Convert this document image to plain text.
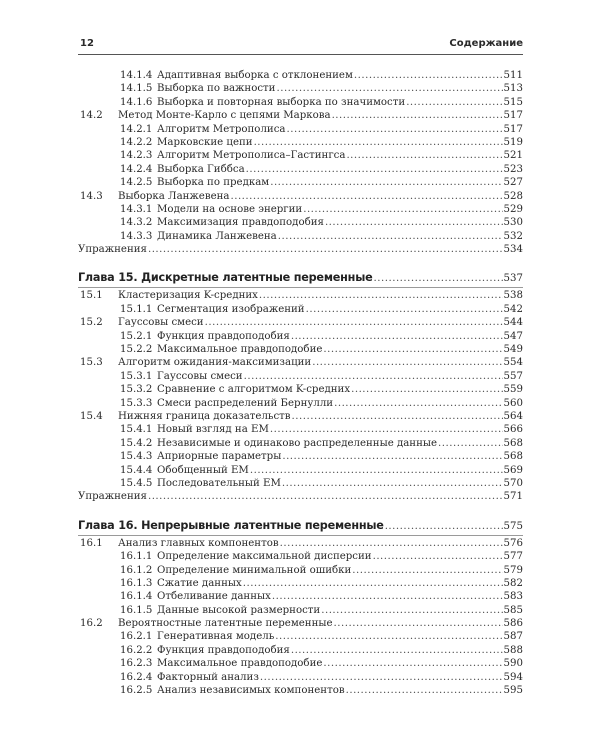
12	Содержание
14.1.4 Адаптивная выборка с отклонением .....	511
14.1.5 Выборка по важности .....	513
14.1.6 Выборка и повторная выборка по значимости .....	515
14.2 Метод Монте-Карло с цепями Маркова .....	517
14.2.1 Алгоритм Метрополиса .....	517
14.2.2 Марковские цепи .....	519
14.2.3 Алгоритм Метрополиса–Гастингса .....	521
14.2.4 Выборка Гиббса .....	523
14.2.5 Выборка по предкам .....	527
14.3 Выборка Ланжевена .....	528
14.3.1 Модели на основе энергии .....	529
14.3.2 Максимизация правдоподобия .....	530
14.3.3 Динамика Ланжевена .....	532
Упражнения .....	534
Глава 15. Дискретные латентные переменные .....	537
15.1 Кластеризация K-средних .....	538
15.1.1 Сегментация изображений .....	542
15.2 Гауссовы смеси .....	544
15.2.1 Функция правдоподобия .....	547
15.2.2 Максимальное правдоподобие .....	549
15.3 Алгоритм ожидания-максимизации .....	554
15.3.1 Гауссовы смеси .....	557
15.3.2 Сравнение с алгоритмом K-средних .....	559
15.3.3 Смеси распределений Бернулли .....	560
15.4 Нижняя граница доказательств .....	564
15.4.1 Новый взгляд на EM .....	566
15.4.2 Независимые и одинаково распределенные данные .....	568
15.4.3 Априорные параметры .....	568
15.4.4 Обобщенный EM .....	569
15.4.5 Последовательный EM .....	570
Упражнения .....	571
Глава 16. Непрерывные латентные переменные .....	575
16.1 Анализ главных компонентов .....	576
16.1.1 Определение максимальной дисперсии .....	577
16.1.2 Определение минимальной ошибки .....	579
16.1.3 Сжатие данных .....	582
16.1.4 Отбеливание данных .....	583
16.1.5 Данные высокой размерности .....	585
16.2 Вероятностные латентные переменные .....	586
16.2.1 Генеративная модель .....	587
16.2.2 Функция правдоподобия .....	588
16.2.3 Максимальное правдоподобие .....	590
16.2.4 Факторный анализ .....	594
16.2.5 Анализ независимых компонентов .....	595
